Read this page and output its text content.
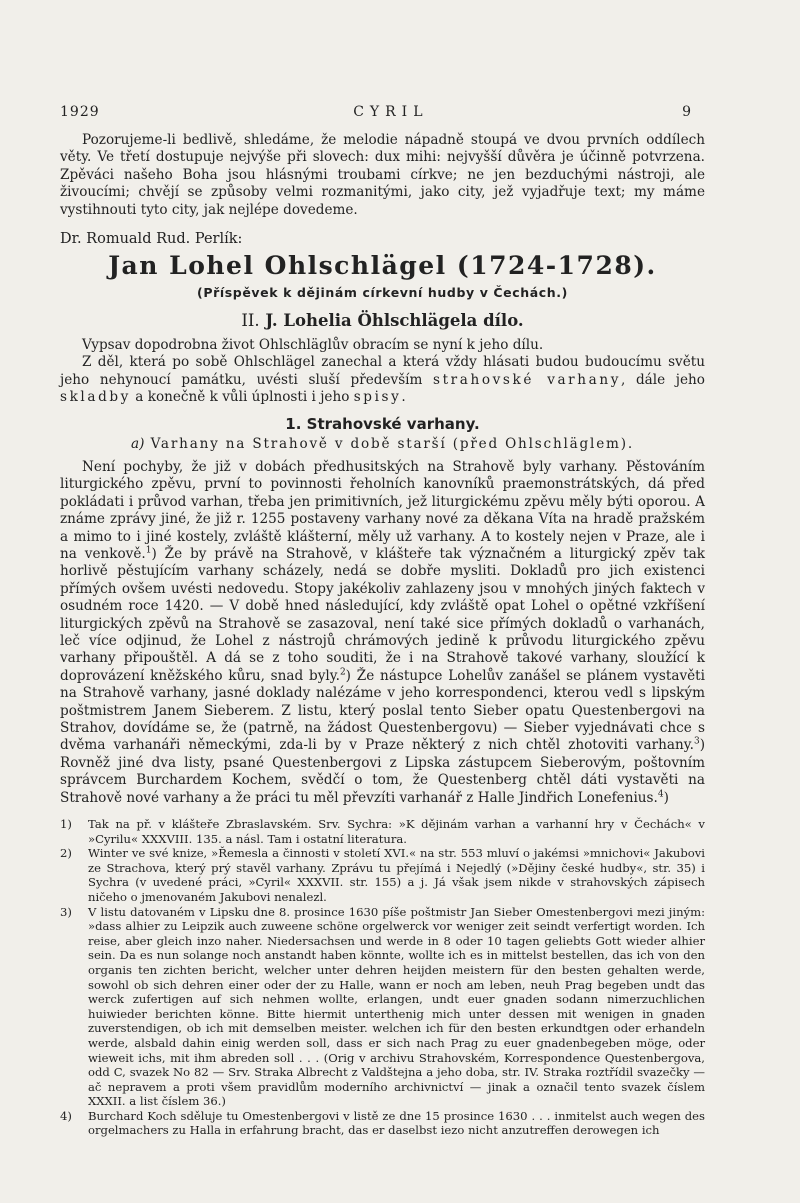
1929	CYRIL	9

Pozorujeme-li bedlivě, shledáme, že melodie nápadně stoupá ve dvou prvních oddílech věty. Ve třetí dostupuje nejvýše při slovech: dux mihi: nejvyšší důvěra je účinně potvrzena. Zpěváci našeho Boha jsou hlásnými troubami církve; ne jen bezduchými nástroji, ale živoucími; chvějí se způsoby velmi rozmanitými, jako city, jež vyjadřuje text; my máme vystihnouti tyto city, jak nejlépe dovedeme.

Dr. Romuald Rud. Perlík:

Jan Lohel Ohlschlägel (1724-1728).
(Příspěvek k dějinám církevní hudby v Čechách.)
II. J. Lohelia Öhlschlägela dílo.

Vypsav dopodrobna život Ohlschläglův obracím se nyní k jeho dílu.

Z děl, která po sobě Ohlschlägel zanechal a která vždy hlásati budou budoucímu světu jeho nehynoucí památku, uvésti sluší především strahovské varhany, dále jeho skladby a konečně k vůli úplnosti i jeho spisy.

1. Strahovské varhany.
a) Varhany na Strahově v době starší (před Ohlschläglem).

Není pochyby, že již v dobách předhusitských na Strahově byly varhany. Pěstováním liturgického zpěvu, první to povinnosti řeholních kanovníků praemonstrátských, dá před pokládati i průvod varhan, třeba jen primitivních, jež liturgickému zpěvu měly býti oporou. A známe zprávy jiné, že již r. 1255 postaveny varhany nové za děkana Víta na hradě pražském a mimo to i jiné kostely, zvláště klášterní, měly už varhany. A to kostely nejen v Praze, ale i na venkově.$^1$) Že by právě na Strahově, v klášteře tak význačném a liturgický zpěv tak horlivě pěstujícím varhany scházely, nedá se dobře mysliti. Dokladů pro jich existenci přímých ovšem uvésti nedovedu. Stopy jakékoliv zahlazeny jsou v mnohých jiných faktech v osudném roce 1420. — V době hned následující, kdy zvláště opat Lohel o opětné vzkříšení liturgických zpěvů na Strahově se zasazoval, není také sice přímých dokladů o varhanách, leč více odjinud, že Lohel z nástrojů chrámových jedině k průvodu liturgického zpěvu varhany připouštěl. A dá se z toho souditi, že i na Strahově takové varhany, sloužící k doprovázení kněžského kůru, snad byly.$^2$) Že nástupce Lohelův zanášel se plánem vystavěti na Strahově varhany, jasné doklady nalézáme v jeho korrespondenci, kterou vedl s lipským poštmistrem Janem Sieberem. Z listu, který poslal tento Sieber opatu Questenbergovi na Strahov, dovídáme se, že (patrně, na žádost Questenbergovu) — Sieber vyjednávati chce s dvěma varhanáři německými, zda-li by v Praze některý z nich chtěl zhotoviti varhany.$^3$) Rovněž jiné dva listy, psané Questenbergovi z Lipska zástupcem Sieberovým, poštovním správcem Burchardem Kochem, svědčí o tom, že Questenberg chtěl dáti vystavěti na Strahově nové varhany a že práci tu měl převzíti varhanář z Halle Jindřich Lonefenius.$^4$)

1)	Tak na př. v klášteře Zbraslavském. Srv. Sychra: »K dějinám varhan a varhanní hry v Čechách« v »Cyrilu« XXXVIII. 135. a násl. Tam i ostatní literatura.
2)	Winter ve své knize, »Řemesla a činnosti v století XVI.« na str. 553 mluví o jakémsi »mnichovi« Jakubovi ze Strachova, který prý stavěl varhany. Zprávu tu přejímá i Nejedlý (»Dějiny české hudby«, str. 35) i Sychra (v uvedené práci, »Cyril« XXXVII. str. 155) a j. Já však jsem nikde v strahovských zápisech ničeho o jmenovaném Jakubovi nenalezl.
3)	V listu datovaném v Lipsku dne 8. prosince 1630 píše poštmistr Jan Sieber Omestenbergovi mezi jiným: »dass alhier zu Leipzik auch zuweene schöne orgelwerck vor weniger zeit seindt verfertigt worden. Ich reise, aber gleich inzo naher. Niedersachsen und werde in 8 oder 10 tagen geliebts Gott wieder alhier sein. Da es nun solange noch anstandt haben könnte, wollte ich es in mittelst bestellen, das ich von den organis ten zichten bericht, welcher unter dehren heijden meistern für den besten gehalten werde, sowohl ob sich dehren einer oder der zu Halle, wann er noch am leben, neuh Prag begeben undt das werck zufertigen auf sich nehmen wollte, erlangen, undt euer gnaden sodann nimerzuchlichen huiwieder berichten könne. Bitte hiermit unterthenig mich unter dessen mit wenigen in gnaden zuverstendigen, ob ich mit demselben meister. welchen ich für den besten erkundtgen oder erhandeln werde, alsbald dahin einig werden soll, dass er sich nach Prag zu euer gnadenbegeben möge, oder wieweit ichs, mit ihm abreden soll . . . (Orig v archivu Strahovském, Korrespondence Questenbergova, odd C, svazek No 82 — Srv. Straka Albrecht z Valdštejna a jeho doba, str. IV. Straka roztřídil svazečky — ač nepravem a proti všem pravidlům moderního archivnictví — jinak a označil tento svazek číslem XXXII. a list číslem 36.)
4)	Burchard Koch sděluje tu Omestenbergovi v listě ze dne 15 prosince 1630 . . . inmitelst auch wegen des orgelmachers zu Halla in erfahrung bracht, das er daselbst iezo nicht anzutreffen derowegen ich
